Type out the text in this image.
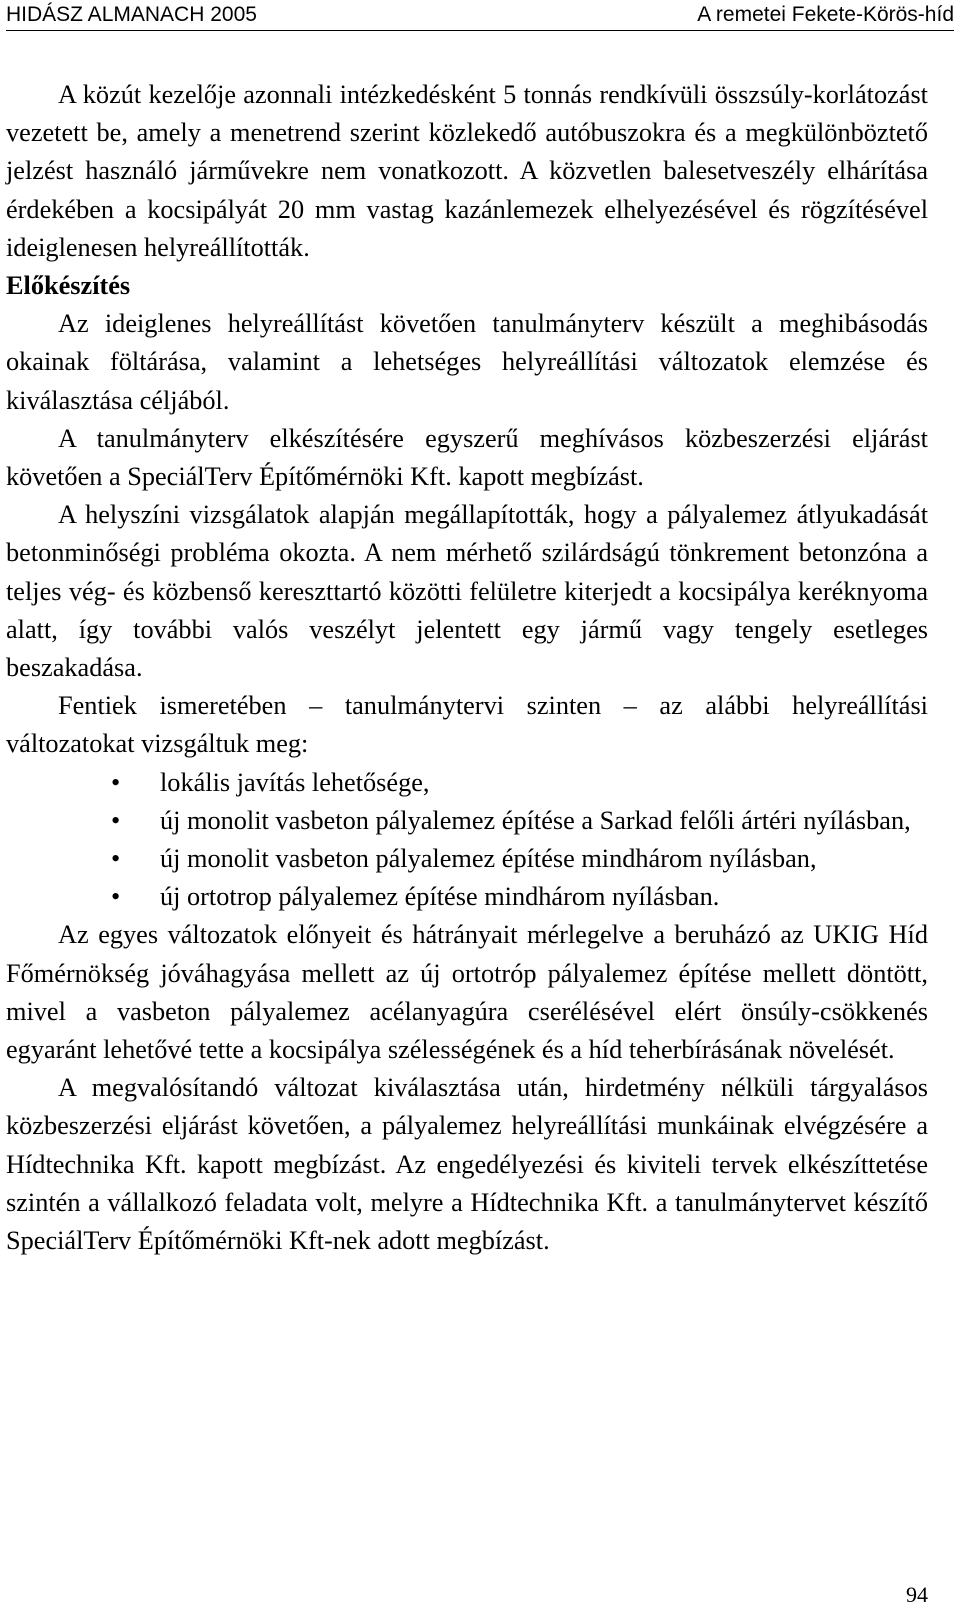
HIDÁSZ ALMANACH 2005	A remetei Fekete-Körös-híd

A közút kezelője azonnali intézkedésként 5 tonnás rendkívüli összsúly-korlátozást vezetett be, amely a menetrend szerint közlekedő autóbuszokra és a megkülönböztető jelzést használó járművekre nem vonatkozott. A közvetlen balesetveszély elhárítása érdekében a kocsipályát 20 mm vastag kazánlemezek elhelyezésével és rögzítésével ideiglenesen helyreállították.

Előkészítés

Az ideiglenes helyreállítást követően tanulmányterv készült a meghibásodás okainak föltárása, valamint a lehetséges helyreállítási változatok elemzése és kiválasztása céljából.

A tanulmányterv elkészítésére egyszerű meghívásos közbeszerzési eljárást követően a SpeciálTerv Építőmérnöki Kft. kapott megbízást.

A helyszíni vizsgálatok alapján megállapították, hogy a pályalemez átlyukadását betonminőségi probléma okozta. A nem mérhető szilárdságú tönkrement betonzóna a teljes vég- és közbenső kereszttartó közötti felületre kiterjedt a kocsipálya keréknyoma alatt, így további valós veszélyt jelentett egy jármű vagy tengely esetleges beszakadása.

Fentiek ismeretében – tanulmánytervi szinten – az alábbi helyreállítási változatokat vizsgáltuk meg:

• lokális javítás lehetősége,
• új monolit vasbeton pályalemez építése a Sarkad felőli ártéri nyílásban,
• új monolit vasbeton pályalemez építése mindhárom nyílásban,
• új ortotrop pályalemez építése mindhárom nyílásban.

Az egyes változatok előnyeit és hátrányait mérlegelve a beruházó az UKIG Híd Főmérnökség jóváhagyása mellett az új ortotróp pályalemez építése mellett döntött, mivel a vasbeton pályalemez acélanyagúra cserélésével elért önsúly-csökkenés egyaránt lehetővé tette a kocsipálya szélességének és a híd teherbírásának növelését.

A megvalósítandó változat kiválasztása után, hirdetmény nélküli tárgyalásos közbeszerzési eljárást követően, a pályalemez helyreállítási munkáinak elvégzésére a Hídtechnika Kft. kapott megbízást. Az engedélyezési és kiviteli tervek elkészíttetése szintén a vállalkozó feladata volt, melyre a Hídtechnika Kft. a tanulmánytervet készítő SpeciálTerv Építőmérnöki Kft-nek adott megbízást.

94
